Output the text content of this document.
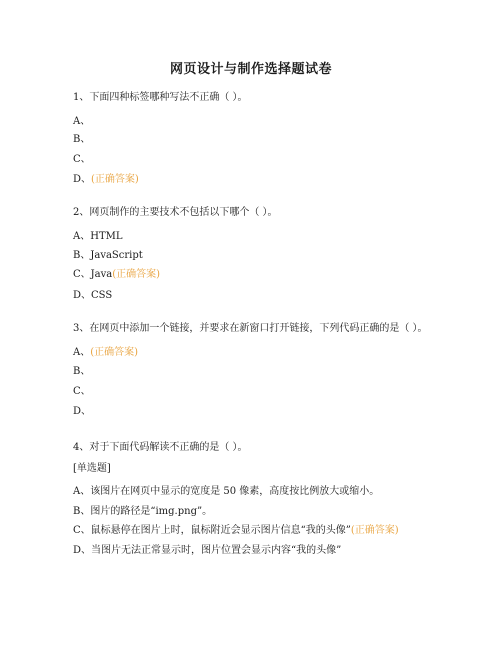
网页设计与制作选择题试卷
1、下面四种标签哪种写法不正确（ ）。
A、
B、
C、
D、(正确答案)
2、网页制作的主要技术不包括以下哪个（ ）。
A、HTML
B、JavaScript
C、Java(正确答案)
D、CSS
3、在网页中添加一个链接，并要求在新窗口打开链接，下列代码正确的是（ ）。
A、(正确答案)
B、
C、
D、
4、对于下面代码解读不正确的是（ ）。
[单选题]
A、该图片在网页中显示的宽度是 50 像素，高度按比例放大或缩小。
B、图片的路径是“img.png”。
C、鼠标悬停在图片上时，鼠标附近会显示图片信息“我的头像”(正确答案)
D、当图片无法正常显示时，图片位置会显示内容“我的头像”
